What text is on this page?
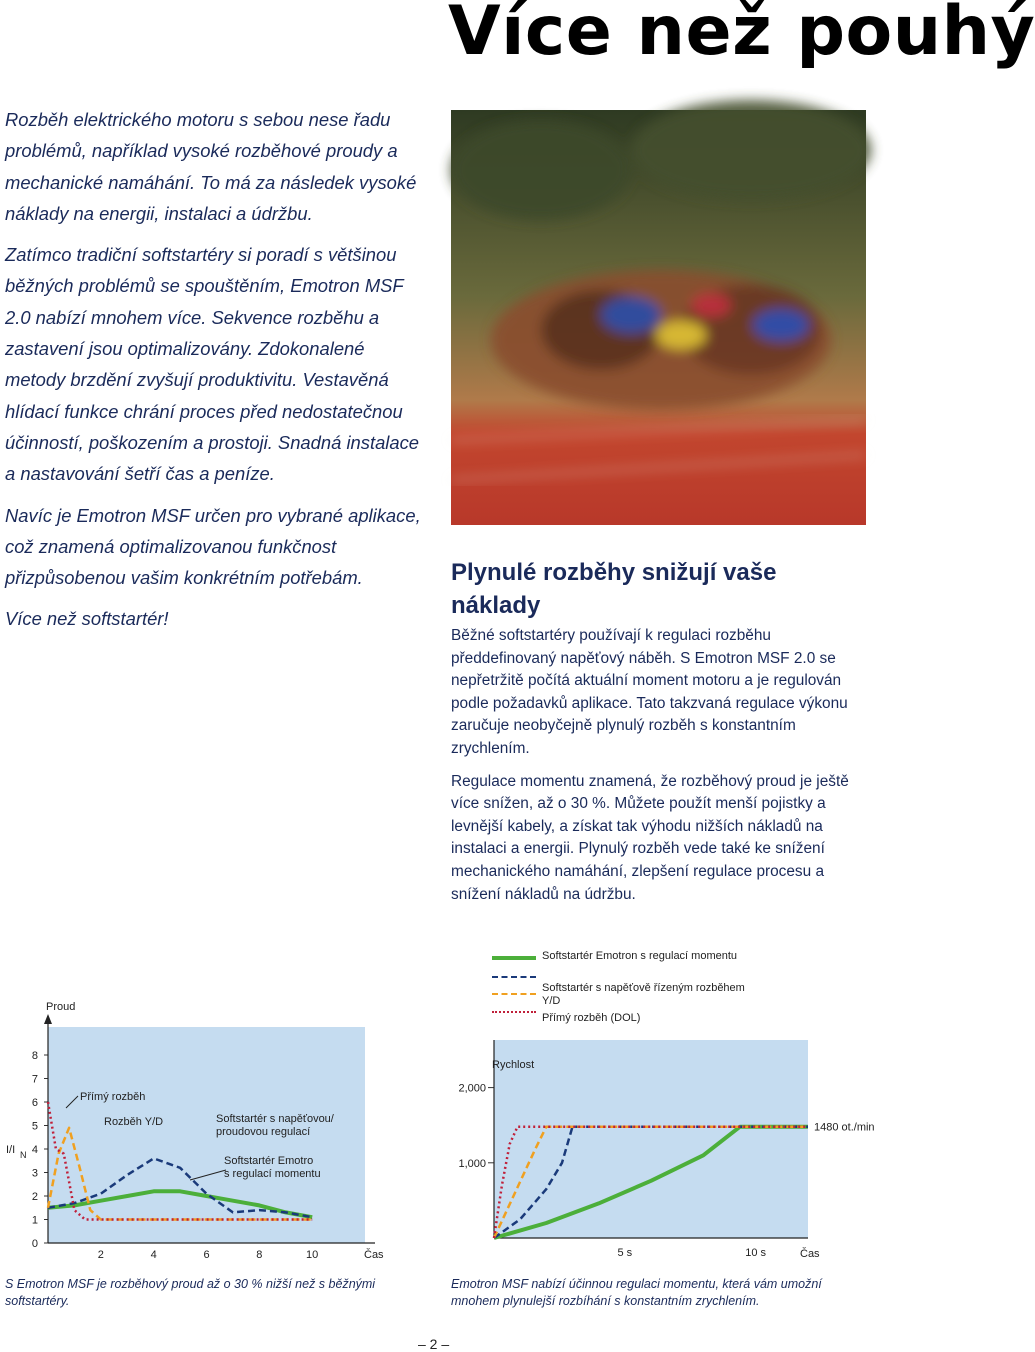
Více než pouhý

Rozběh elektrického motoru s sebou nese řadu problémů, například vysoké rozběhové proudy a mechanické namáhání. To má za následek vysoké náklady na energii, instalaci a údržbu.

Zatímco tradiční softstartéry si poradí s většinou běžných problémů se spouštěním, Emotron MSF 2.0 nabízí mnohem více. Sekvence rozběhu a zastavení jsou optimalizovány. Zdokonalené metody brzdění zvyšují produktivitu. Vestavěná hlídací funkce chrání proces před nedostatečnou účinností, poškozením a prostoji. Snadná instalace a nastavování šetří čas a peníze.

Navíc je Emotron MSF určen pro vybrané aplikace, což znamená optimalizovanou funkčnost přizpůsobenou vašim konkrétním potřebám.

Více než softstartér!

Plynulé rozběhy snižují vaše náklady

Běžné softstartéry používají k regulaci rozběhu předdefinovaný napěťový náběh. S Emotron MSF 2.0 se nepřetržitě počítá aktuální moment motoru a je regulován podle požadavků aplikace. Tato takzvaná regulace výkonu zaručuje neobyčejně plynulý rozběh s konstantním zrychlením.

Regulace momentu znamená, že rozběhový proud je ještě více snížen, až o 30 %. Můžete použít menší pojistky a levnější kabely, a získat tak výhodu nižších nákladů na instalaci a energii. Plynulý rozběh vede také ke snížení mechanického namáhání, zlepšení regulace procesu a snížení nákladů na údržbu.

Softstartér Emotron s regulací momentu
Softstartér s napěťově řízeným rozběhem Y/D
Přímý rozběh (DOL)
0
1
2
3
I/I N 4
5
6
7
8
2	4	6	8	10
Proud
Čas
Přímý rozběh
Rozběh Y/D	Softstartér s napěťovou/
proudovou regulací
Softstartér Emotro
s regulací momentu
1,000
2,000
5 s	10 s
Rychlost
Čas
1480 ot./min
S Emotron MSF je rozběhový proud až o 30 % nižší než s běžnými softstartéry.
Emotron MSF nabízí účinnou regulaci momentu, která vám umožní mnohem plynulejší rozbíhání s konstantním zrychlením.
– 2 –
